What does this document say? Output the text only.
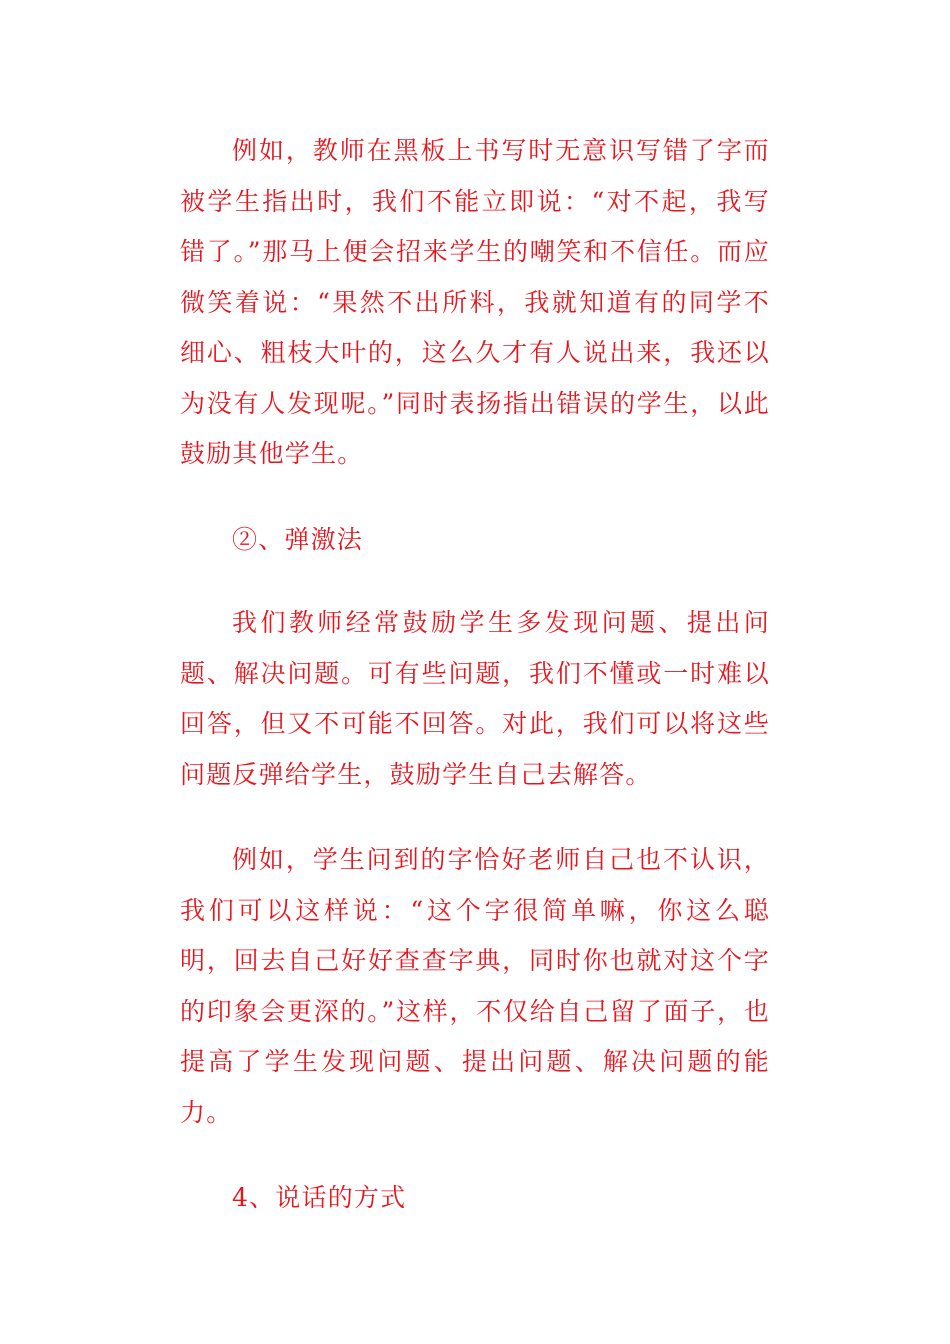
例如，教师在黑板上书写时无意识写错了字而被学生指出时，我们不能立即说：“对不起，我写错了。”那马上便会招来学生的嘲笑和不信任。而应微笑着说：“果然不出所料，我就知道有的同学不细心、粗枝大叶的，这么久才有人说出来，我还以为没有人发现呢。”同时表扬指出错误的学生，以此鼓励其他学生。

②、弹激法

我们教师经常鼓励学生多发现问题、提出问题、解决问题。可有些问题，我们不懂或一时难以回答，但又不可能不回答。对此，我们可以将这些问题反弹给学生，鼓励学生自己去解答。

例如，学生问到的字恰好老师自己也不认识，我们可以这样说：“这个字很简单嘛，你这么聪明，回去自己好好查查字典，同时你也就对这个字的印象会更深的。”这样，不仅给自己留了面子，也提高了学生发现问题、提出问题、解决问题的能力。

4、说话的方式
